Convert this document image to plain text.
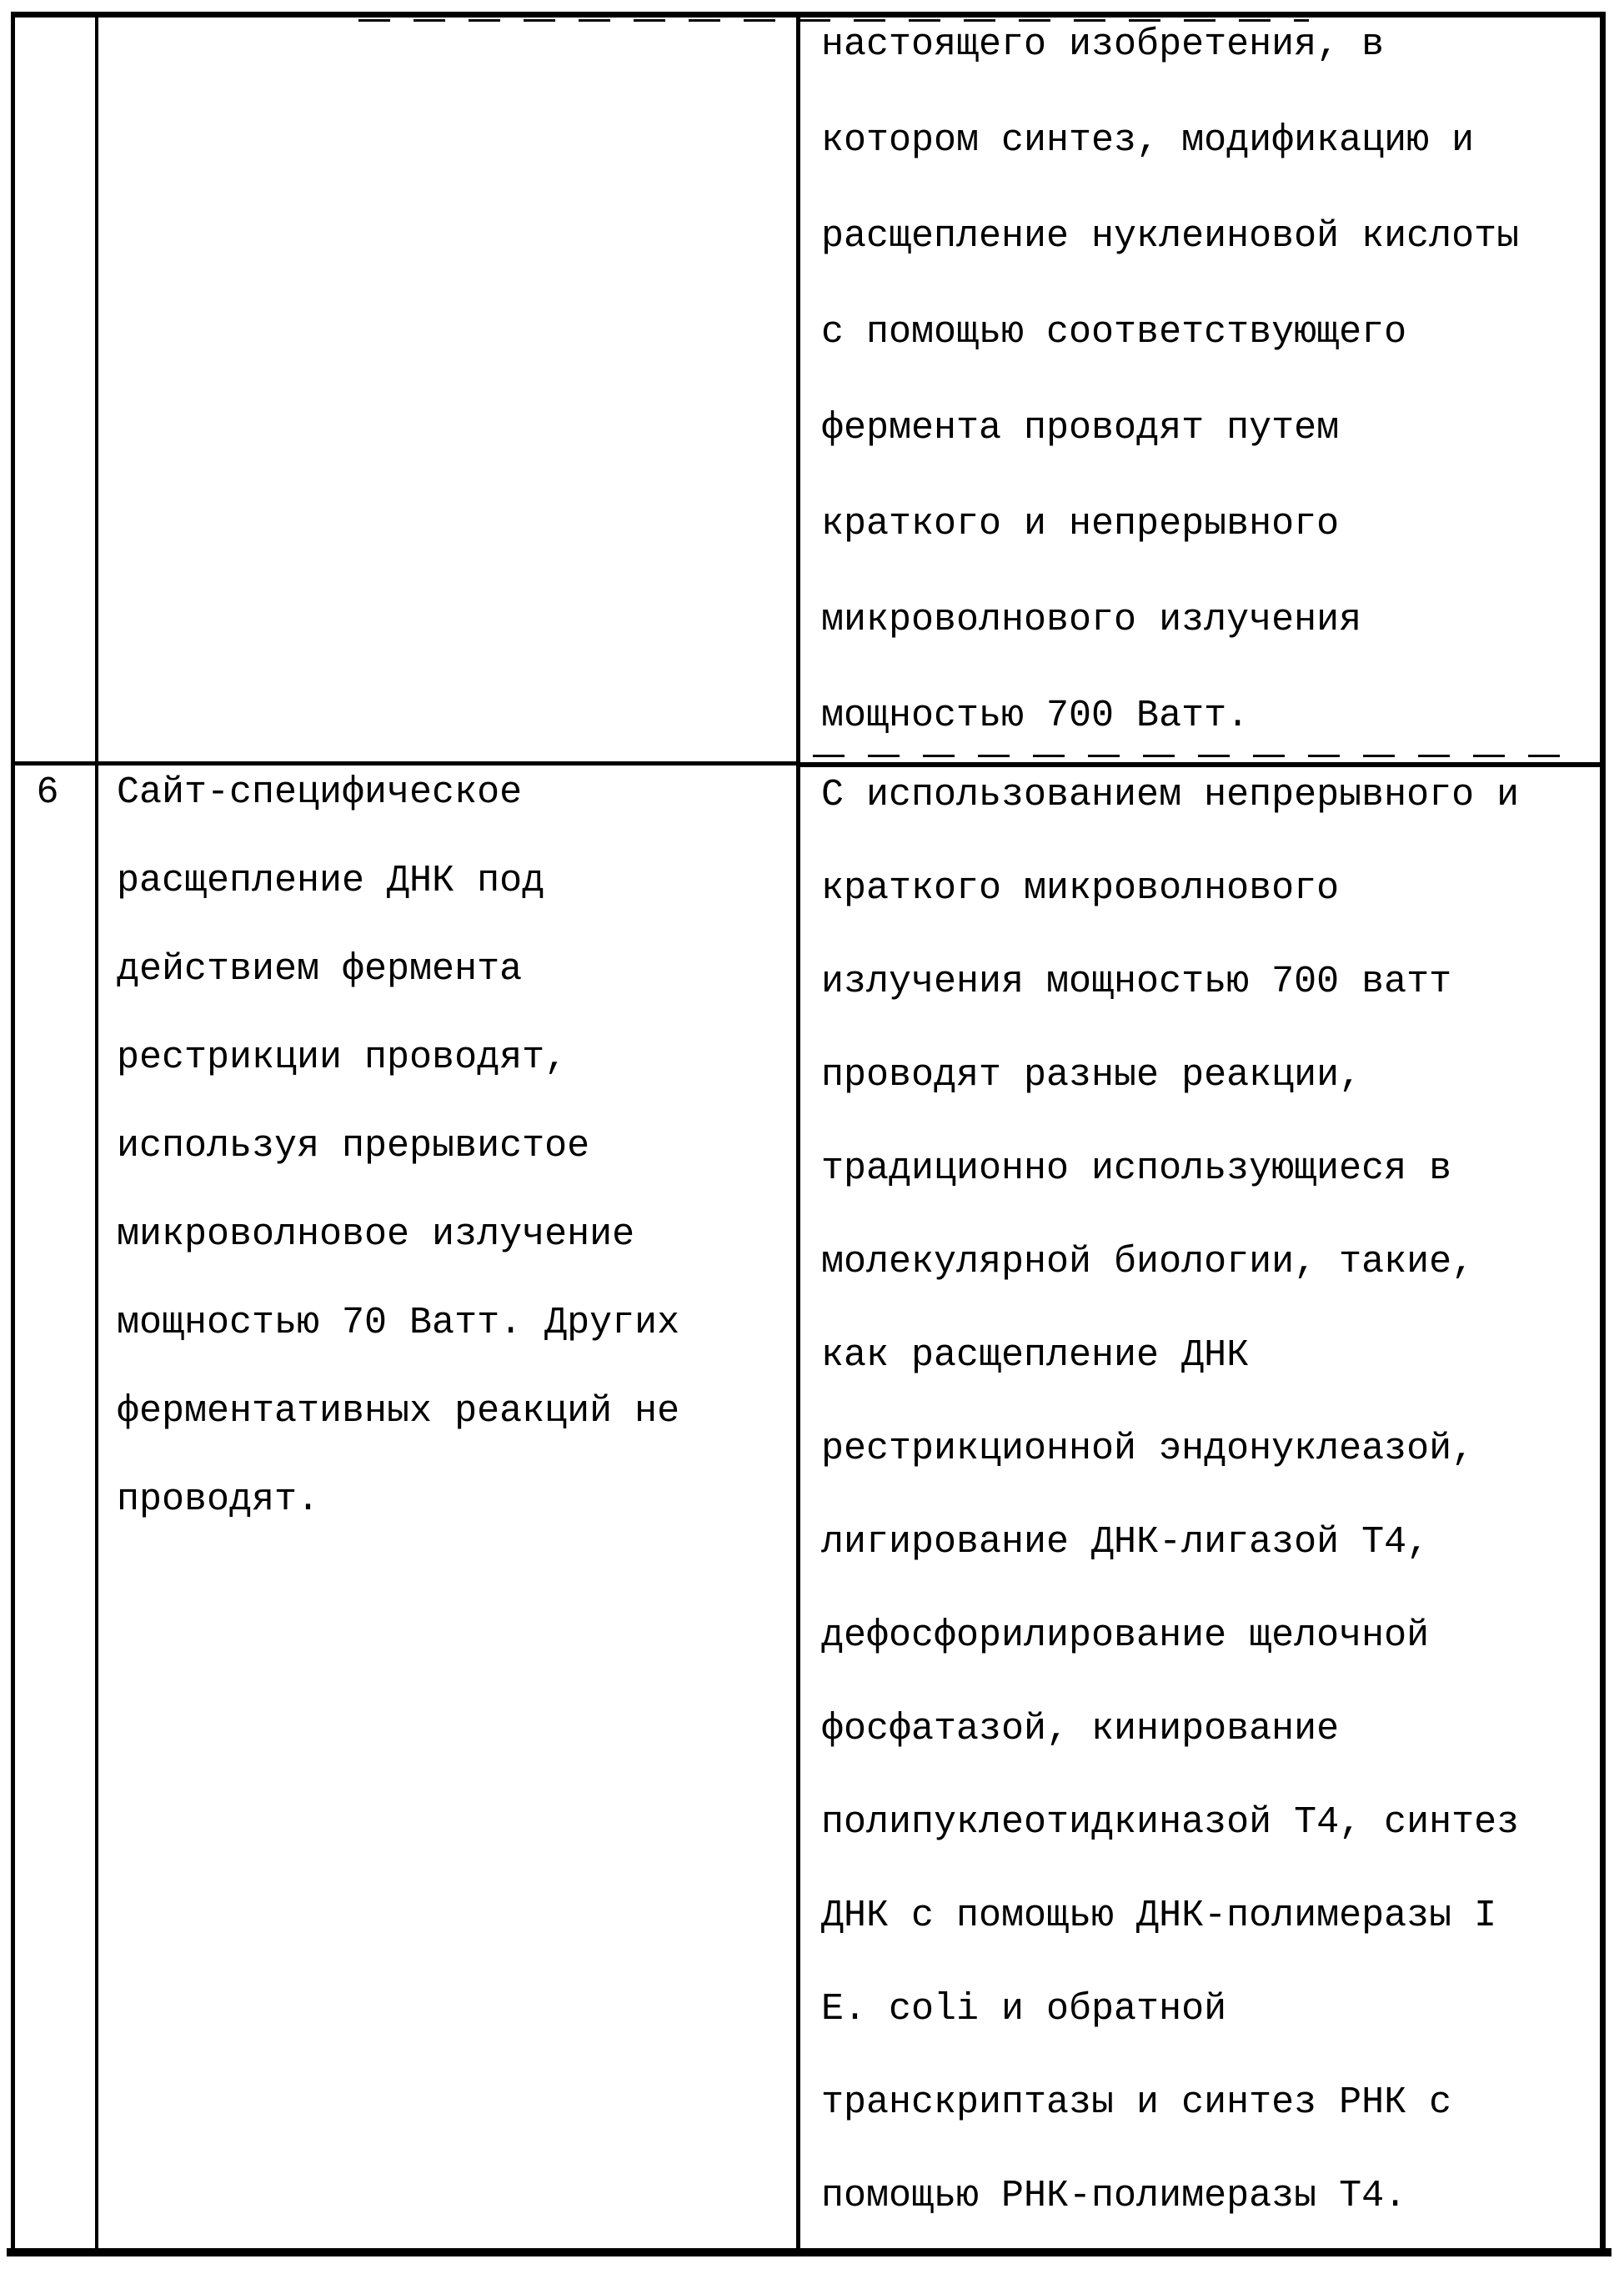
настоящего изобретения, в
котором синтез, модификацию и
расщепление нуклеиновой кислоты
с помощью соответствующего
фермента проводят путем
краткого и непрерывного
микроволнового излучения
мощностью 700 Ватт.
6	Сайт-специфическое
расщепление ДНК под
действием фермента
рестрикции проводят,
используя прерывистое
микроволновое излучение
мощностью 70 Ватт. Других
ферментативных реакций не
проводят.
С использованием непрерывного и
краткого микроволнового
излучения мощностью 700 ватт
проводят разные реакции,
традиционно использующиеся в
молекулярной биологии, такие,
как расщепление ДНК
рестрикционной эндонуклеазой,
лигирование ДНК-лигазой Т4,
дефосфорилирование щелочной
фосфатазой, кинирование
полипуклеотидкиназой Т4, синтез
ДНК с помощью ДНК-полимеразы I
E. coli и обратной
транскриптазы и синтез РНК с
помощью РНК-полимеразы Т4.
